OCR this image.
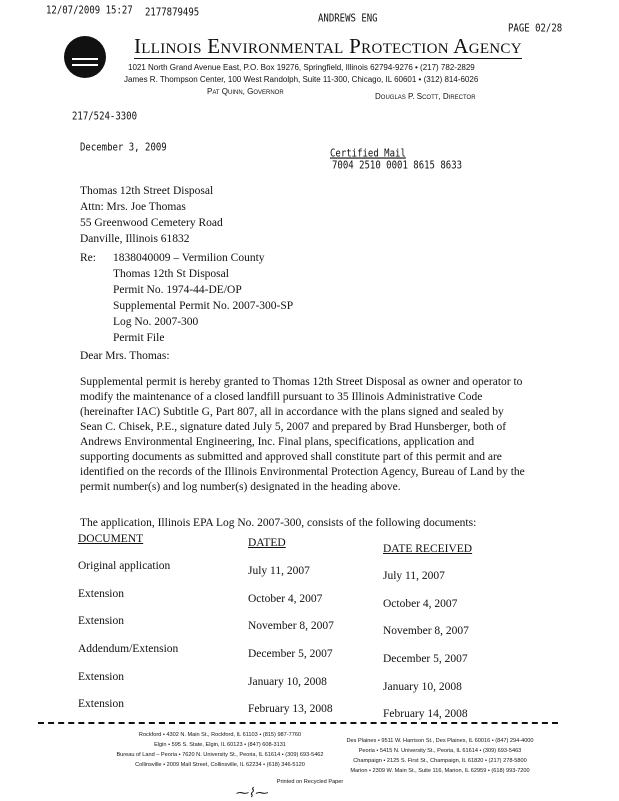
12/07/2009 15:27 2177879495
ANDREWS ENG
PAGE 02/28
Illinois Environmental Protection Agency
1021 North Grand Avenue East, P.O. Box 19276, Springfield, Illinois 62794-9276 • (217) 782-2829
James R. Thompson Center, 100 West Randolph, Suite 11-300, Chicago, IL 60601 • (312) 814-6026
Pat Quinn, Governor
Douglas P. Scott, Director
217/524-3300
December 3, 2009
Certified Mail
7004 2510 0001 8615 8633
Thomas 12th Street Disposal
Attn: Mrs. Joe Thomas
55 Greenwood Cemetery Road
Danville, Illinois 61832
Re: 1838040009 – Vermilion County
Thomas 12th St Disposal
Permit No. 1974-44-DE/OP
Supplemental Permit No. 2007-300-SP
Log No. 2007-300
Permit File
Dear Mrs. Thomas:
Supplemental permit is hereby granted to Thomas 12th Street Disposal as owner and operator to
modify the maintenance of a closed landfill pursuant to 35 Illinois Administrative Code
(hereinafter IAC) Subtitle G, Part 807, all in accordance with the plans signed and sealed by
Sean C. Chisek, P.E., signature dated July 5, 2007 and prepared by Brad Hunsberger, both of
Andrews Environmental Engineering, Inc. Final plans, specifications, application and
supporting documents as submitted and approved shall constitute part of this permit and are
identified on the records of the Illinois Environmental Protection Agency, Bureau of Land by the
permit number(s) and log number(s) designated in the heading above.
The application, Illinois EPA Log No. 2007-300, consists of the following documents:
DOCUMENT	DATED	DATE RECEIVED
Original application	July 11, 2007	July 11, 2007
Extension	October 4, 2007	October 4, 2007
Extension	November 8, 2007	November 8, 2007
Addendum/Extension	December 5, 2007	December 5, 2007
Extension	January 10, 2008	January 10, 2008
Extension	February 13, 2008	February 14, 2008
Rockford • 4302 N. Main St., Rockford, IL 61103 • (815) 987-7760
Elgin • 595 S. State, Elgin, IL 60123 • (847) 608-3131
Bureau of Land – Peoria • 7620 N. University St., Peoria, IL 61614 • (309) 693-5462
Collinsville • 2009 Mall Street, Collinsville, IL 62234 • (618) 346-5120
Des Plaines • 9511 W. Harrison St., Des Plaines, IL 60016 • (847) 294-4000
Peoria • 5415 N. University St., Peoria, IL 61614 • (309) 693-5463
Champaign • 2125 S. First St., Champaign, IL 61820 • (217) 278-5800
Marion • 2309 W. Main St., Suite 116, Marion, IL 62959 • (618) 993-7200
Printed on Recycled Paper
⁓⌇⁓
